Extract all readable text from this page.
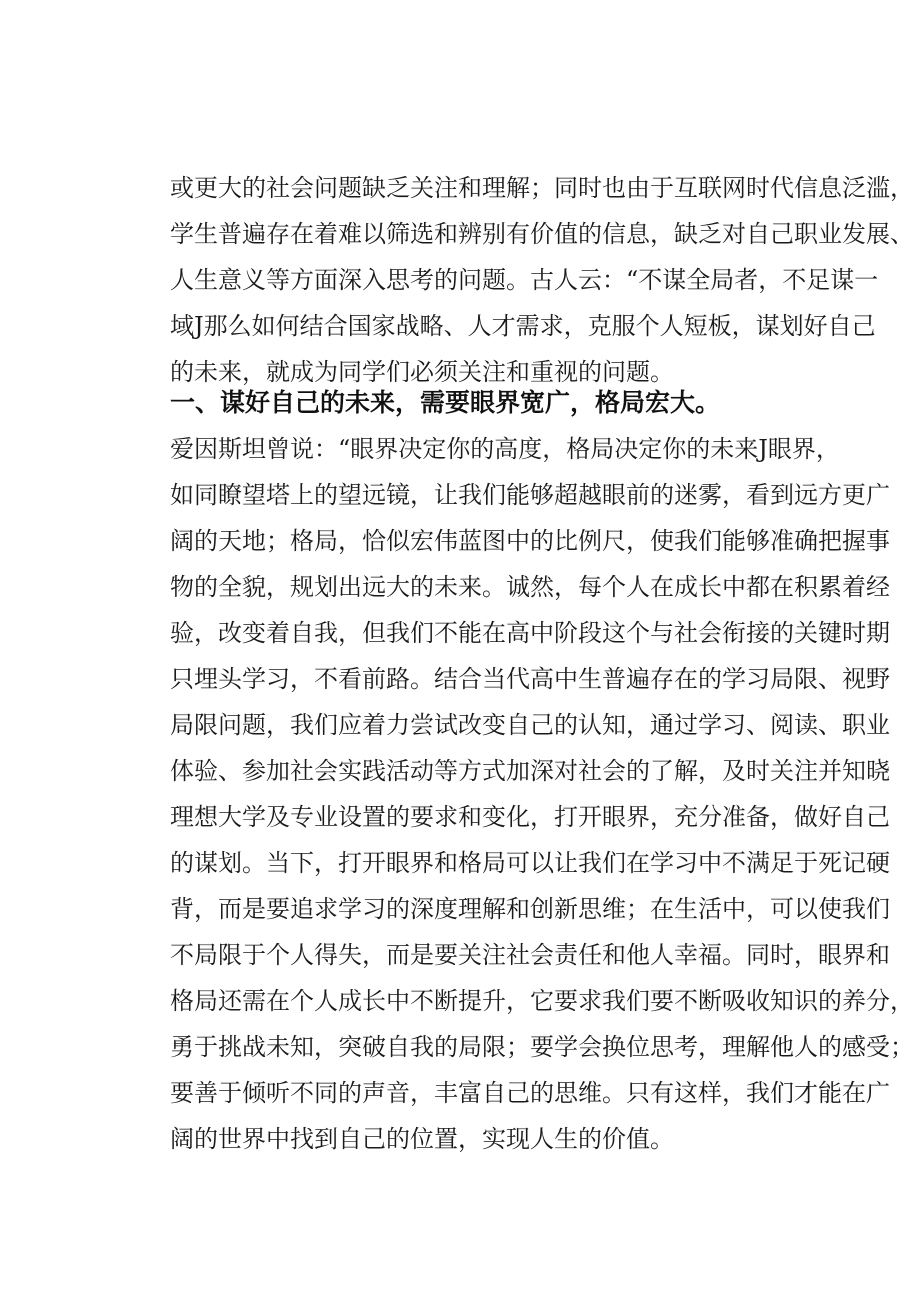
或更大的社会问题缺乏关注和理解；同时也由于互联网时代信息泛滥，
学生普遍存在着难以筛选和辨别有价值的信息，缺乏对自己职业发展、
人生意义等方面深入思考的问题。古人云：“不谋全局者，不足谋一
域J那么如何结合国家战略、人才需求，克服个人短板，谋划好自己
的未来，就成为同学们必须关注和重视的问题。
一、谋好自己的未来，需要眼界宽广，格局宏大。
爱因斯坦曾说：“眼界决定你的高度，格局决定你的未来J眼界，
如同瞭望塔上的望远镜，让我们能够超越眼前的迷雾，看到远方更广
阔的天地；格局，恰似宏伟蓝图中的比例尺，使我们能够准确把握事
物的全貌，规划出远大的未来。诚然，每个人在成长中都在积累着经
验，改变着自我，但我们不能在高中阶段这个与社会衔接的关键时期
只埋头学习，不看前路。结合当代高中生普遍存在的学习局限、视野
局限问题，我们应着力尝试改变自己的认知，通过学习、阅读、职业
体验、参加社会实践活动等方式加深对社会的了解，及时关注并知晓
理想大学及专业设置的要求和变化，打开眼界，充分准备，做好自己
的谋划。当下，打开眼界和格局可以让我们在学习中不满足于死记硬
背，而是要追求学习的深度理解和创新思维；在生活中，可以使我们
不局限于个人得失，而是要关注社会责任和他人幸福。同时，眼界和
格局还需在个人成长中不断提升，它要求我们要不断吸收知识的养分，
勇于挑战未知，突破自我的局限；要学会换位思考，理解他人的感受；
要善于倾听不同的声音，丰富自己的思维。只有这样，我们才能在广
阔的世界中找到自己的位置，实现人生的价值。
